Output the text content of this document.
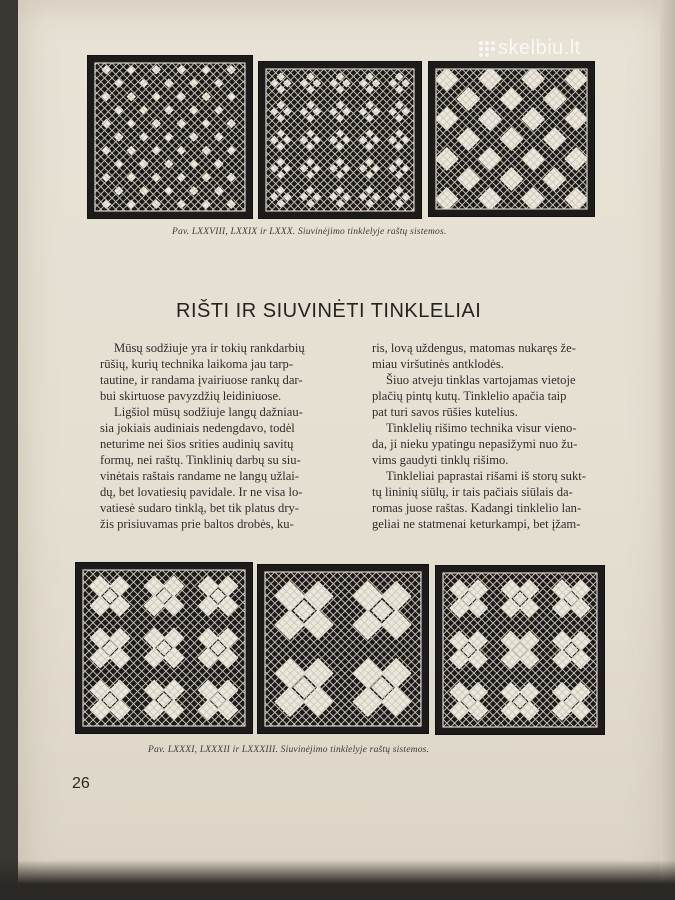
skelbiu.lt
Pav. LXXVIII, LXXIX ir LXXX. Siuvinėjimo tinklelyje raštų sistemos.
RIŠTI IR SIUVINĖTI TINKLELIAI

Mūsų sodžiuje yra ir tokių rankdarbių
rūšių, kurių technika laikoma jau tarp-
tautine, ir randama įvairiuose rankų dar-
bui skirtuose pavyzdžių leidiniuose.

Ligšiol mūsų sodžiuje langų dažniau-
sia jokiais audiniais nedengdavo, todėl
neturime nei šios srities audinių savitų
formų, nei raštų. Tinklinių darbų su siu-
vinėtais raštais randame ne langų užlai-
dų, bet lovatiesių pavidale. Ir ne visa lo-
vatiesė sudaro tinklą, bet tik platus dry-
žis prisiuvamas prie baltos drobės, ku-

ris, lovą uždengus, matomas nukaręs že-
miau viršutinės antklodės.

Šiuo atveju tinklas vartojamas vietoje
plačių pintų kutų. Tinklelio apačia taip
pat turi savos rūšies kutelius.

Tinklelių rišimo technika visur vieno-
da, ji nieku ypatingu nepasižymi nuo žu-
vims gaudyti tinklų rišimo.

Tinkleliai paprastai rišami iš storų sukt-
tų lininių siūlų, ir tais pačiais siūlais da-
romas juose raštas. Kadangi tinklelio lan-
geliai ne statmenai keturkampi, bet įžam-

Pav. LXXXI, LXXXII ir LXXXIII. Siuvinėjimo tinklelyje raštų sistemos.
26
